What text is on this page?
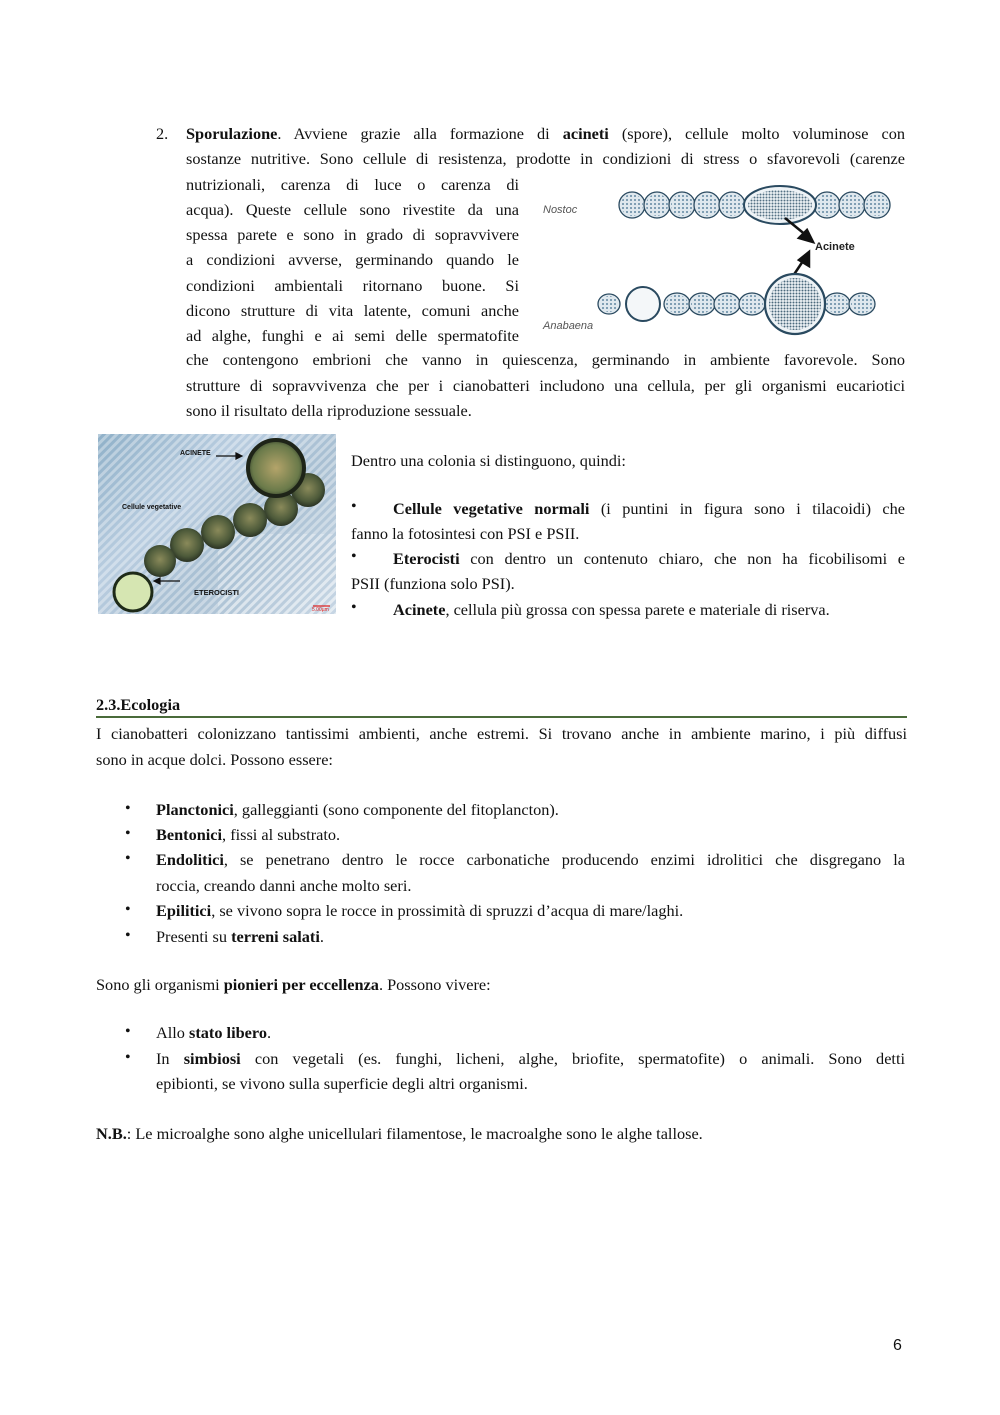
2. Sporulazione. Avviene grazie alla formazione di acineti (spore), cellule molto voluminose con
sostanze nutritive. Sono cellule di resistenza, prodotte in condizioni di stress o sfavorevoli (carenze
nutrizionali, carenza di luce o carenza di
acqua). Queste cellule sono rivestite da una
spessa parete e sono in grado di sopravvivere
a condizioni avverse, germinando quando le
condizioni ambientali ritornano buone. Si
dicono strutture di vita latente, comuni anche
ad alghe, funghi e ai semi delle spermatofite
che contengono embrioni che vanno in quiescenza, germinando in ambiente favorevole. Sono
strutture di sopravvivenza che per i cianobatteri includono una cellula, per gli organismi eucariotici
sono il risultato della riproduzione sessuale.
Nostoc
Anabaena
Acinete
ACINETE
Cellule vegetative
ETEROCISTI
5.00µm
Dentro una colonia si distinguono, quindi:
•	Cellule vegetative normali (i puntini in figura sono i tilacoidi) che
fanno la fotosintesi con PSI e PSII.
•	Eterocisti con dentro un contenuto chiaro, che non ha ficobilisomi e
PSII (funziona solo PSI).
• Acinete, cellula più grossa con spessa parete e materiale di riserva.
2.3.Ecologia
I cianobatteri colonizzano tantissimi ambienti, anche estremi. Si trovano anche in ambiente marino, i più diffusi
sono in acque dolci. Possono essere:
• Planctonici, galleggianti (sono componente del fitoplancton).
• Bentonici, fissi al substrato.
• Endolitici, se penetrano dentro le rocce carbonatiche producendo enzimi idrolitici che disgregano la
roccia, creando danni anche molto seri.
• Epilitici, se vivono sopra le rocce in prossimità di spruzzi d’acqua di mare/laghi.
• Presenti su terreni salati.
Sono gli organismi pionieri per eccellenza. Possono vivere:
• Allo stato libero.
• In simbiosi con vegetali (es. funghi, licheni, alghe, briofite, spermatofite) o animali. Sono detti
epibionti, se vivono sulla superficie degli altri organismi.
N.B.: Le microalghe sono alghe unicellulari filamentose, le macroalghe sono le alghe tallose.
6
